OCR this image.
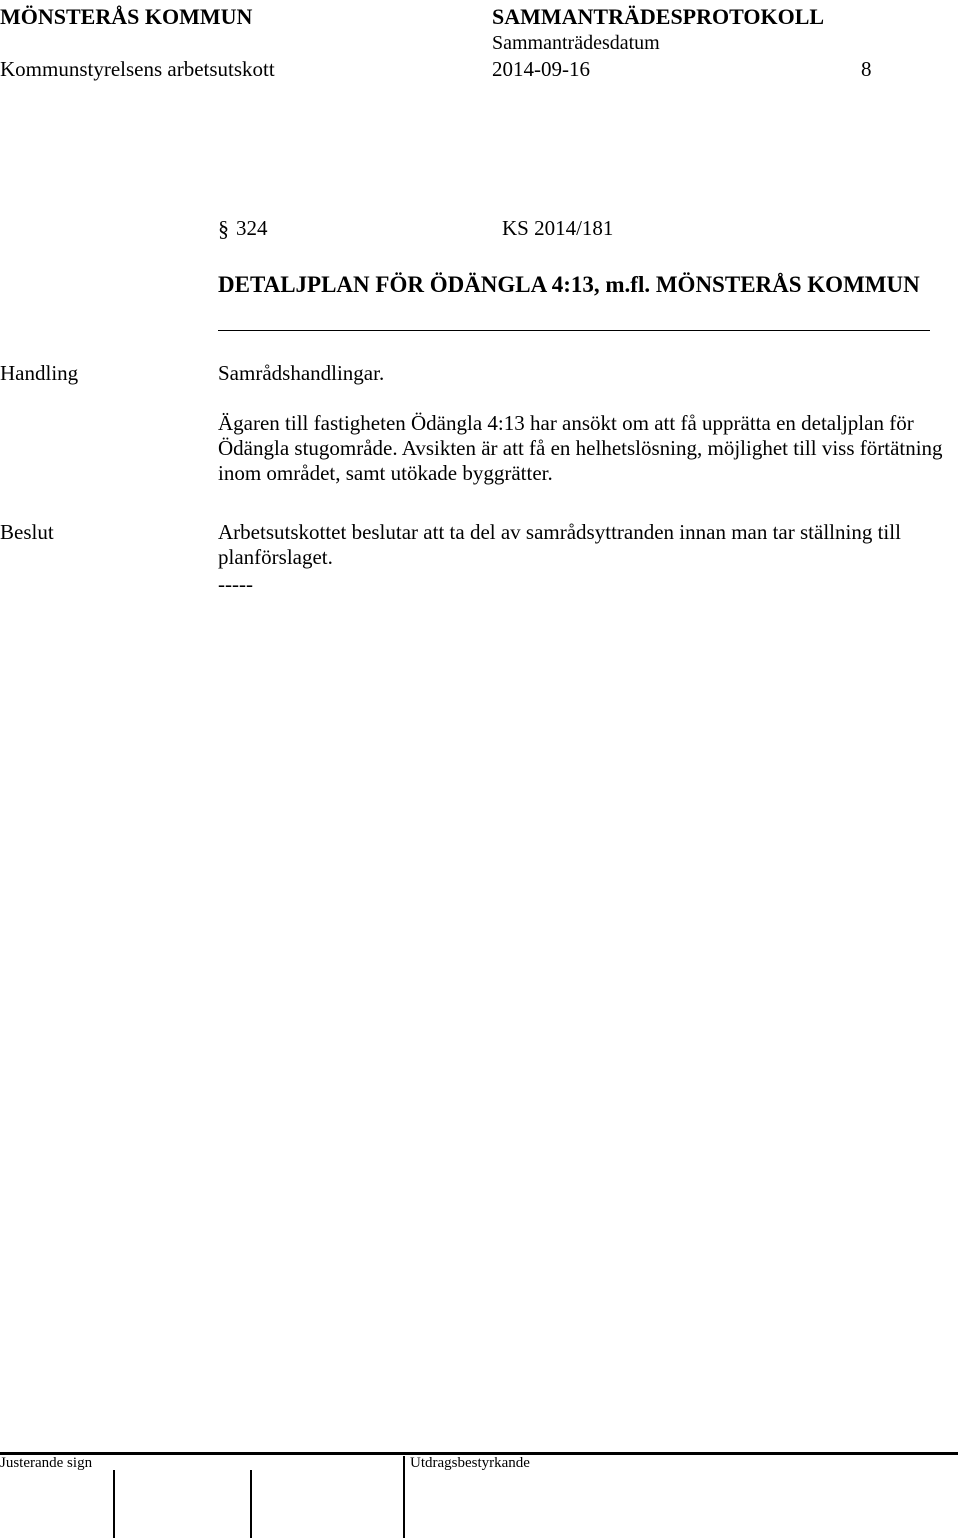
MÖNSTERÅS KOMMUN	SAMMANTRÄDESPROTOKOLL
Sammanträdesdatum
Kommunstyrelsens arbetsutskott	2014-09-16	8
§ 324	KS 2014/181
DETALJPLAN FÖR ÖDÄNGLA 4:13, m.fl. MÖNSTERÅS KOMMUN
Handling	Samrådshandlingar.
Ägaren till fastigheten Ödängla 4:13 har ansökt om att få upprätta en detaljplan för Ödängla stugområde. Avsikten är att få en helhetslösning, möjlighet till viss förtätning inom området, samt utökade byggrätter.
Beslut	Arbetsutskottet beslutar att ta del av samrådsyttranden innan man tar ställning till planförslaget.
-----
Justerande sign	Utdragsbestyrkande
